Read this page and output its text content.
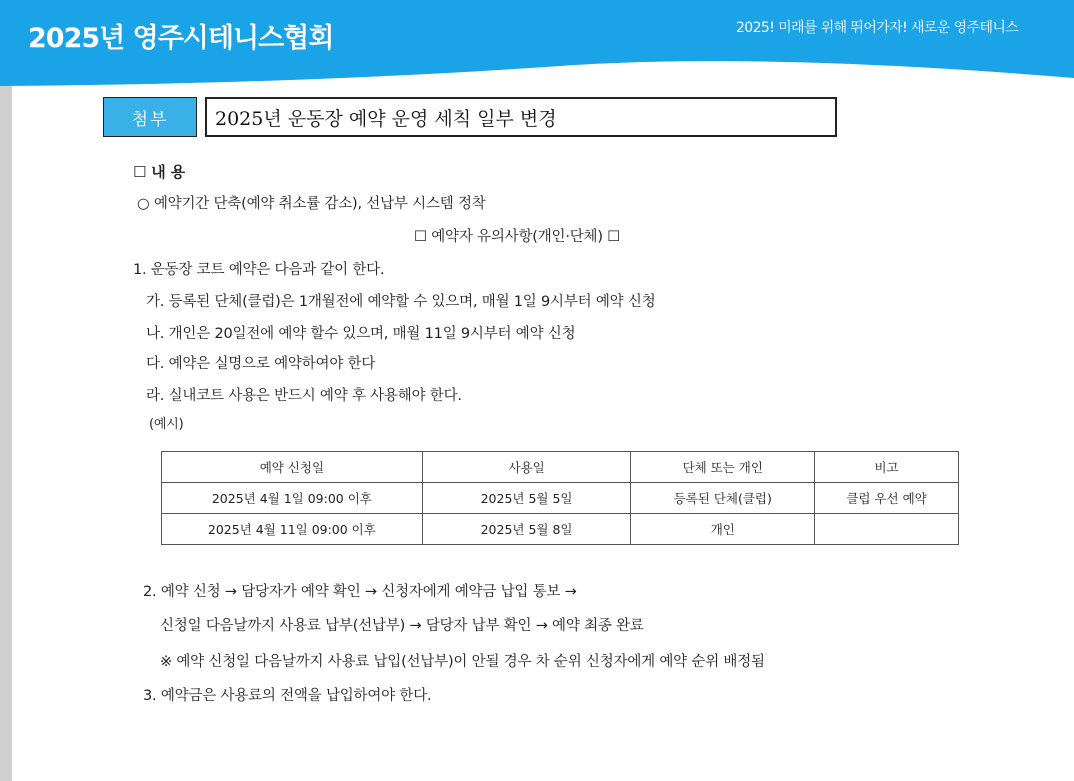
2025년 영주시테니스협회	2025! 미래를 위해 뛰어가자! 새로운 영주테니스
첨부	2025년 운동장 예약 운영 세칙 일부 변경
☐ 내 용
○ 예약기간 단축(예약 취소률 감소), 선납부 시스템 정착
☐ 예약자 유의사항(개인·단체) ☐
1. 운동장 코트 예약은 다음과 같이 한다.
가. 등록된 단체(클럽)은 1개월전에 예약할 수 있으며, 매월 1일 9시부터 예약 신청
나. 개인은 20일전에 예약 할수 있으며, 매월 11일 9시부터 예약 신청
다. 예약은 실명으로 예약하여야 한다
라. 실내코트 사용은 반드시 예약 후 사용해야 한다.
(예시)
예약 신청일	사용일	단체 또는 개인	비고
2025년 4월 1일 09:00 이후	2025년 5월 5일	등록된 단체(클럽)	클럽 우선 예약
2025년 4월 11일 09:00 이후	2025년 5월 8일	개인	
2. 예약 신청 → 담당자가 예약 확인 → 신청자에게 예약금 납입 통보 →
신청일 다음날까지 사용료 납부(선납부) → 담당자 납부 확인 → 예약 최종 완료
※ 예약 신청일 다음날까지 사용료 납입(선납부)이 안될 경우 차 순위 신청자에게 예약 순위 배정됨
3. 예약금은 사용료의 전액을 납입하여야 한다.
